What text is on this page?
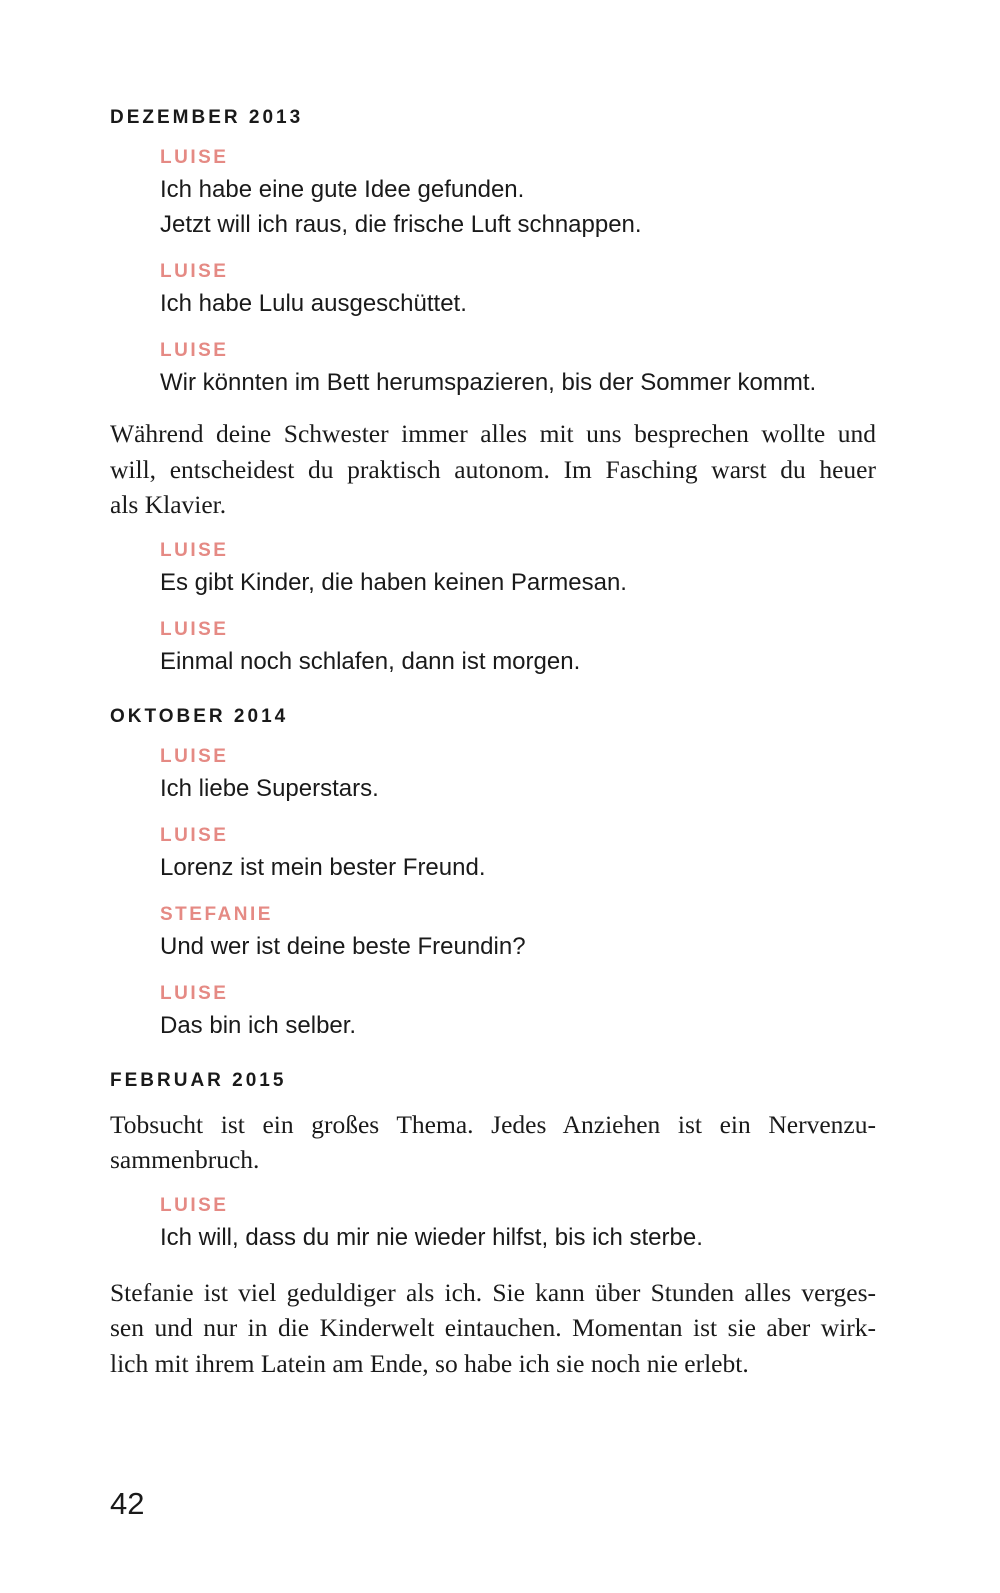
DEZEMBER 2013
LUISE
Ich habe eine gute Idee gefunden.
Jetzt will ich raus, die frische Luft schnappen.
LUISE
Ich habe Lulu ausgeschüttet.
LUISE
Wir könnten im Bett herumspazieren, bis der Sommer kommt.
Während deine Schwester immer alles mit uns besprechen wollte und
will, entscheidest du praktisch autonom. Im Fasching warst du heuer
als Klavier.
LUISE
Es gibt Kinder, die haben keinen Parmesan.
LUISE
Einmal noch schlafen, dann ist morgen.
OKTOBER 2014
LUISE
Ich liebe Superstars.
LUISE
Lorenz ist mein bester Freund.
STEFANIE
Und wer ist deine beste Freundin?
LUISE
Das bin ich selber.
FEBRUAR 2015
Tobsucht ist ein großes Thema. Jedes Anziehen ist ein Nervenzu-
sammenbruch.
LUISE
Ich will, dass du mir nie wieder hilfst, bis ich sterbe.
Stefanie ist viel geduldiger als ich. Sie kann über Stunden alles verges-
sen und nur in die Kinderwelt eintauchen. Momentan ist sie aber wirk-
lich mit ihrem Latein am Ende, so habe ich sie noch nie erlebt.
42
